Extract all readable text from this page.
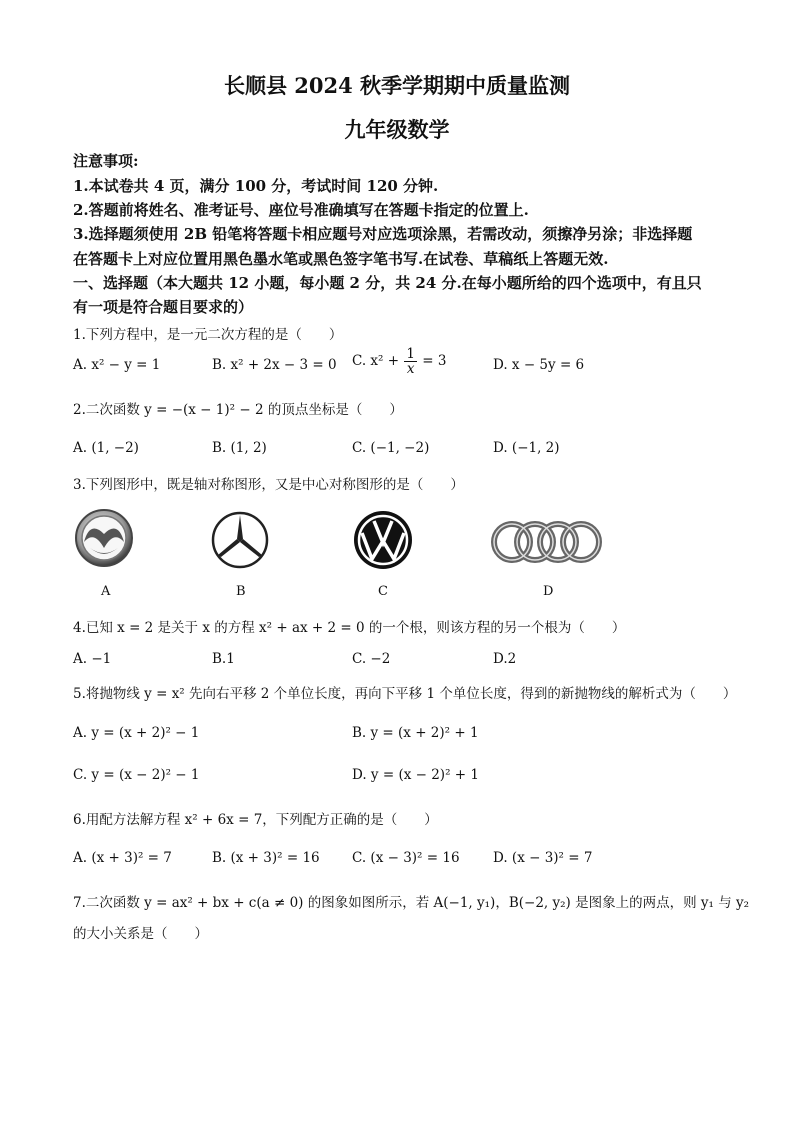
长顺县 2024 秋季学期期中质量监测
九年级数学
注意事项:
1.本试卷共 4 页，满分 100 分，考试时间 120 分钟.
2.答题前将姓名、准考证号、座位号准确填写在答题卡指定的位置上.
3.选择题须使用 2B 铅笔将答题卡相应题号对应选项涂黑，若需改动，须擦净另涂；非选择题
在答题卡上对应位置用黑色墨水笔或黑色签字笔书写.在试卷、草稿纸上答题无效.
一、选择题（本大题共 12 小题，每小题 2 分，共 24 分.在每小题所给的四个选项中，有且只
有一项是符合题目要求的）
1.下列方程中，是一元二次方程的是（　　）
A. x² − y = 1	B. x² + 2x − 3 = 0 C. $x^2 + \frac{1}{x} = 3$	D. x − 5y = 6
2.二次函数 y = −(x − 1)² − 2 的顶点坐标是（　　）
A. (1, −2)	B. (1, 2)	C. (−1, −2)	D. (−1, 2)
3.下列图形中，既是轴对称图形，又是中心对称图形的是（　　）
A	B	C	D
4.已知 x = 2 是关于 x 的方程 x² + ax + 2 = 0 的一个根，则该方程的另一个根为（　　）
A. −1	B.1	C. −2	D.2
5.将抛物线 y = x² 先向右平移 2 个单位长度，再向下平移 1 个单位长度，得到的新抛物线的解析式为（　　）
A. y = (x + 2)² − 1	B. y = (x + 2)² + 1
C. y = (x − 2)² − 1	D. y = (x − 2)² + 1
6.用配方法解方程 x² + 6x = 7，下列配方正确的是（　　）
A. (x + 3)² = 7	B. (x + 3)² = 16 C. (x − 3)² = 16 D. (x − 3)² = 7
7.二次函数 y = ax² + bx + c(a ≠ 0) 的图象如图所示，若 A(−1, y₁)，B(−2, y₂) 是图象上的两点，则 y₁ 与 y₂
的大小关系是（　　）
